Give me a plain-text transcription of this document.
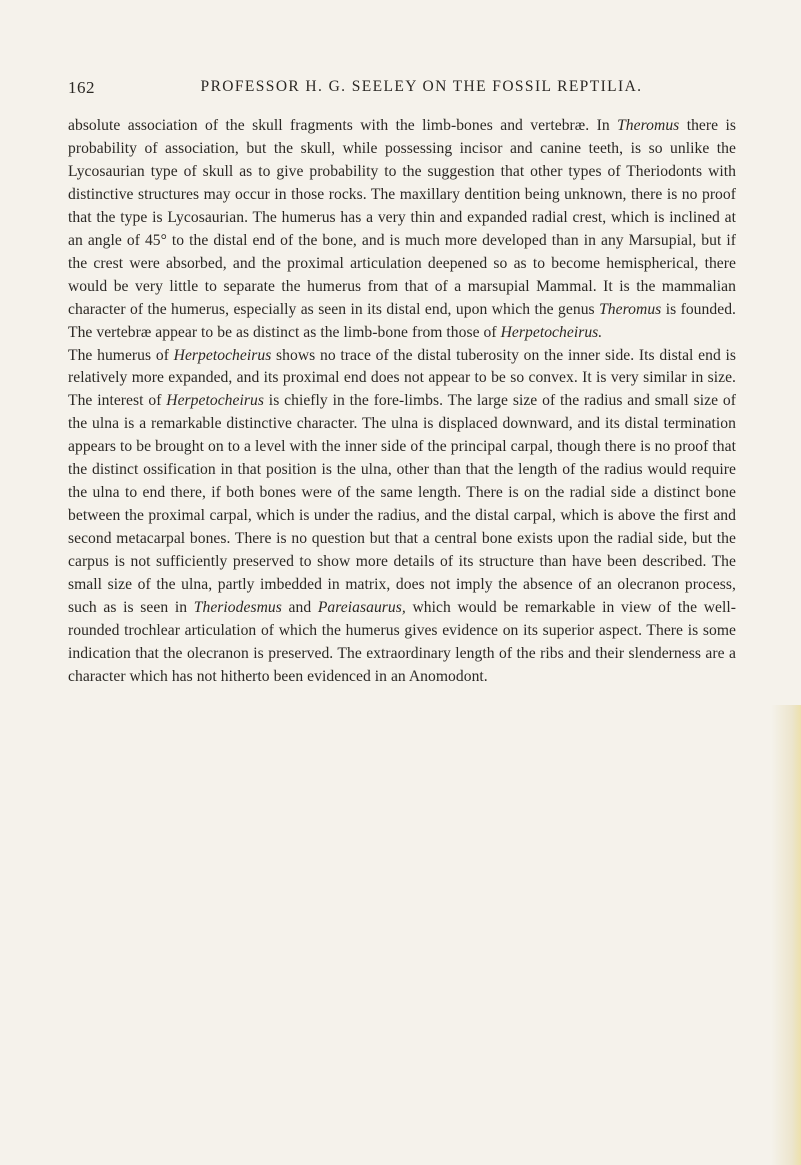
162	PROFESSOR H. G. SEELEY ON THE FOSSIL REPTILIA.

absolute association of the skull fragments with the limb-bones and vertebræ. In Theromus there is probability of association, but the skull, while possessing incisor and canine teeth, is so unlike the Lycosaurian type of skull as to give probability to the suggestion that other types of Theriodonts with distinctive structures may occur in those rocks. The maxillary dentition being unknown, there is no proof that the type is Lycosaurian. The humerus has a very thin and expanded radial crest, which is inclined at an angle of 45° to the distal end of the bone, and is much more developed than in any Marsupial, but if the crest were absorbed, and the proximal articulation deepened so as to become hemispherical, there would be very little to separate the humerus from that of a marsupial Mammal. It is the mammalian character of the humerus, especially as seen in its distal end, upon which the genus Theromus is founded. The vertebræ appear to be as distinct as the limb-bone from those of Herpetocheirus.

The humerus of Herpetocheirus shows no trace of the distal tuberosity on the inner side. Its distal end is relatively more expanded, and its proximal end does not appear to be so convex. It is very similar in size. The interest of Herpetocheirus is chiefly in the fore-limbs. The large size of the radius and small size of the ulna is a remarkable distinctive character. The ulna is displaced downward, and its distal termination appears to be brought on to a level with the inner side of the principal carpal, though there is no proof that the distinct ossification in that position is the ulna, other than that the length of the radius would require the ulna to end there, if both bones were of the same length. There is on the radial side a distinct bone between the proximal carpal, which is under the radius, and the distal carpal, which is above the first and second metacarpal bones. There is no question but that a central bone exists upon the radial side, but the carpus is not sufficiently preserved to show more details of its structure than have been described. The small size of the ulna, partly imbedded in matrix, does not imply the absence of an olecranon process, such as is seen in Theriodesmus and Pareiasaurus, which would be remarkable in view of the well-rounded trochlear articulation of which the humerus gives evidence on its superior aspect. There is some indication that the olecranon is preserved. The extraordinary length of the ribs and their slenderness are a character which has not hitherto been evidenced in an Anomodont.
